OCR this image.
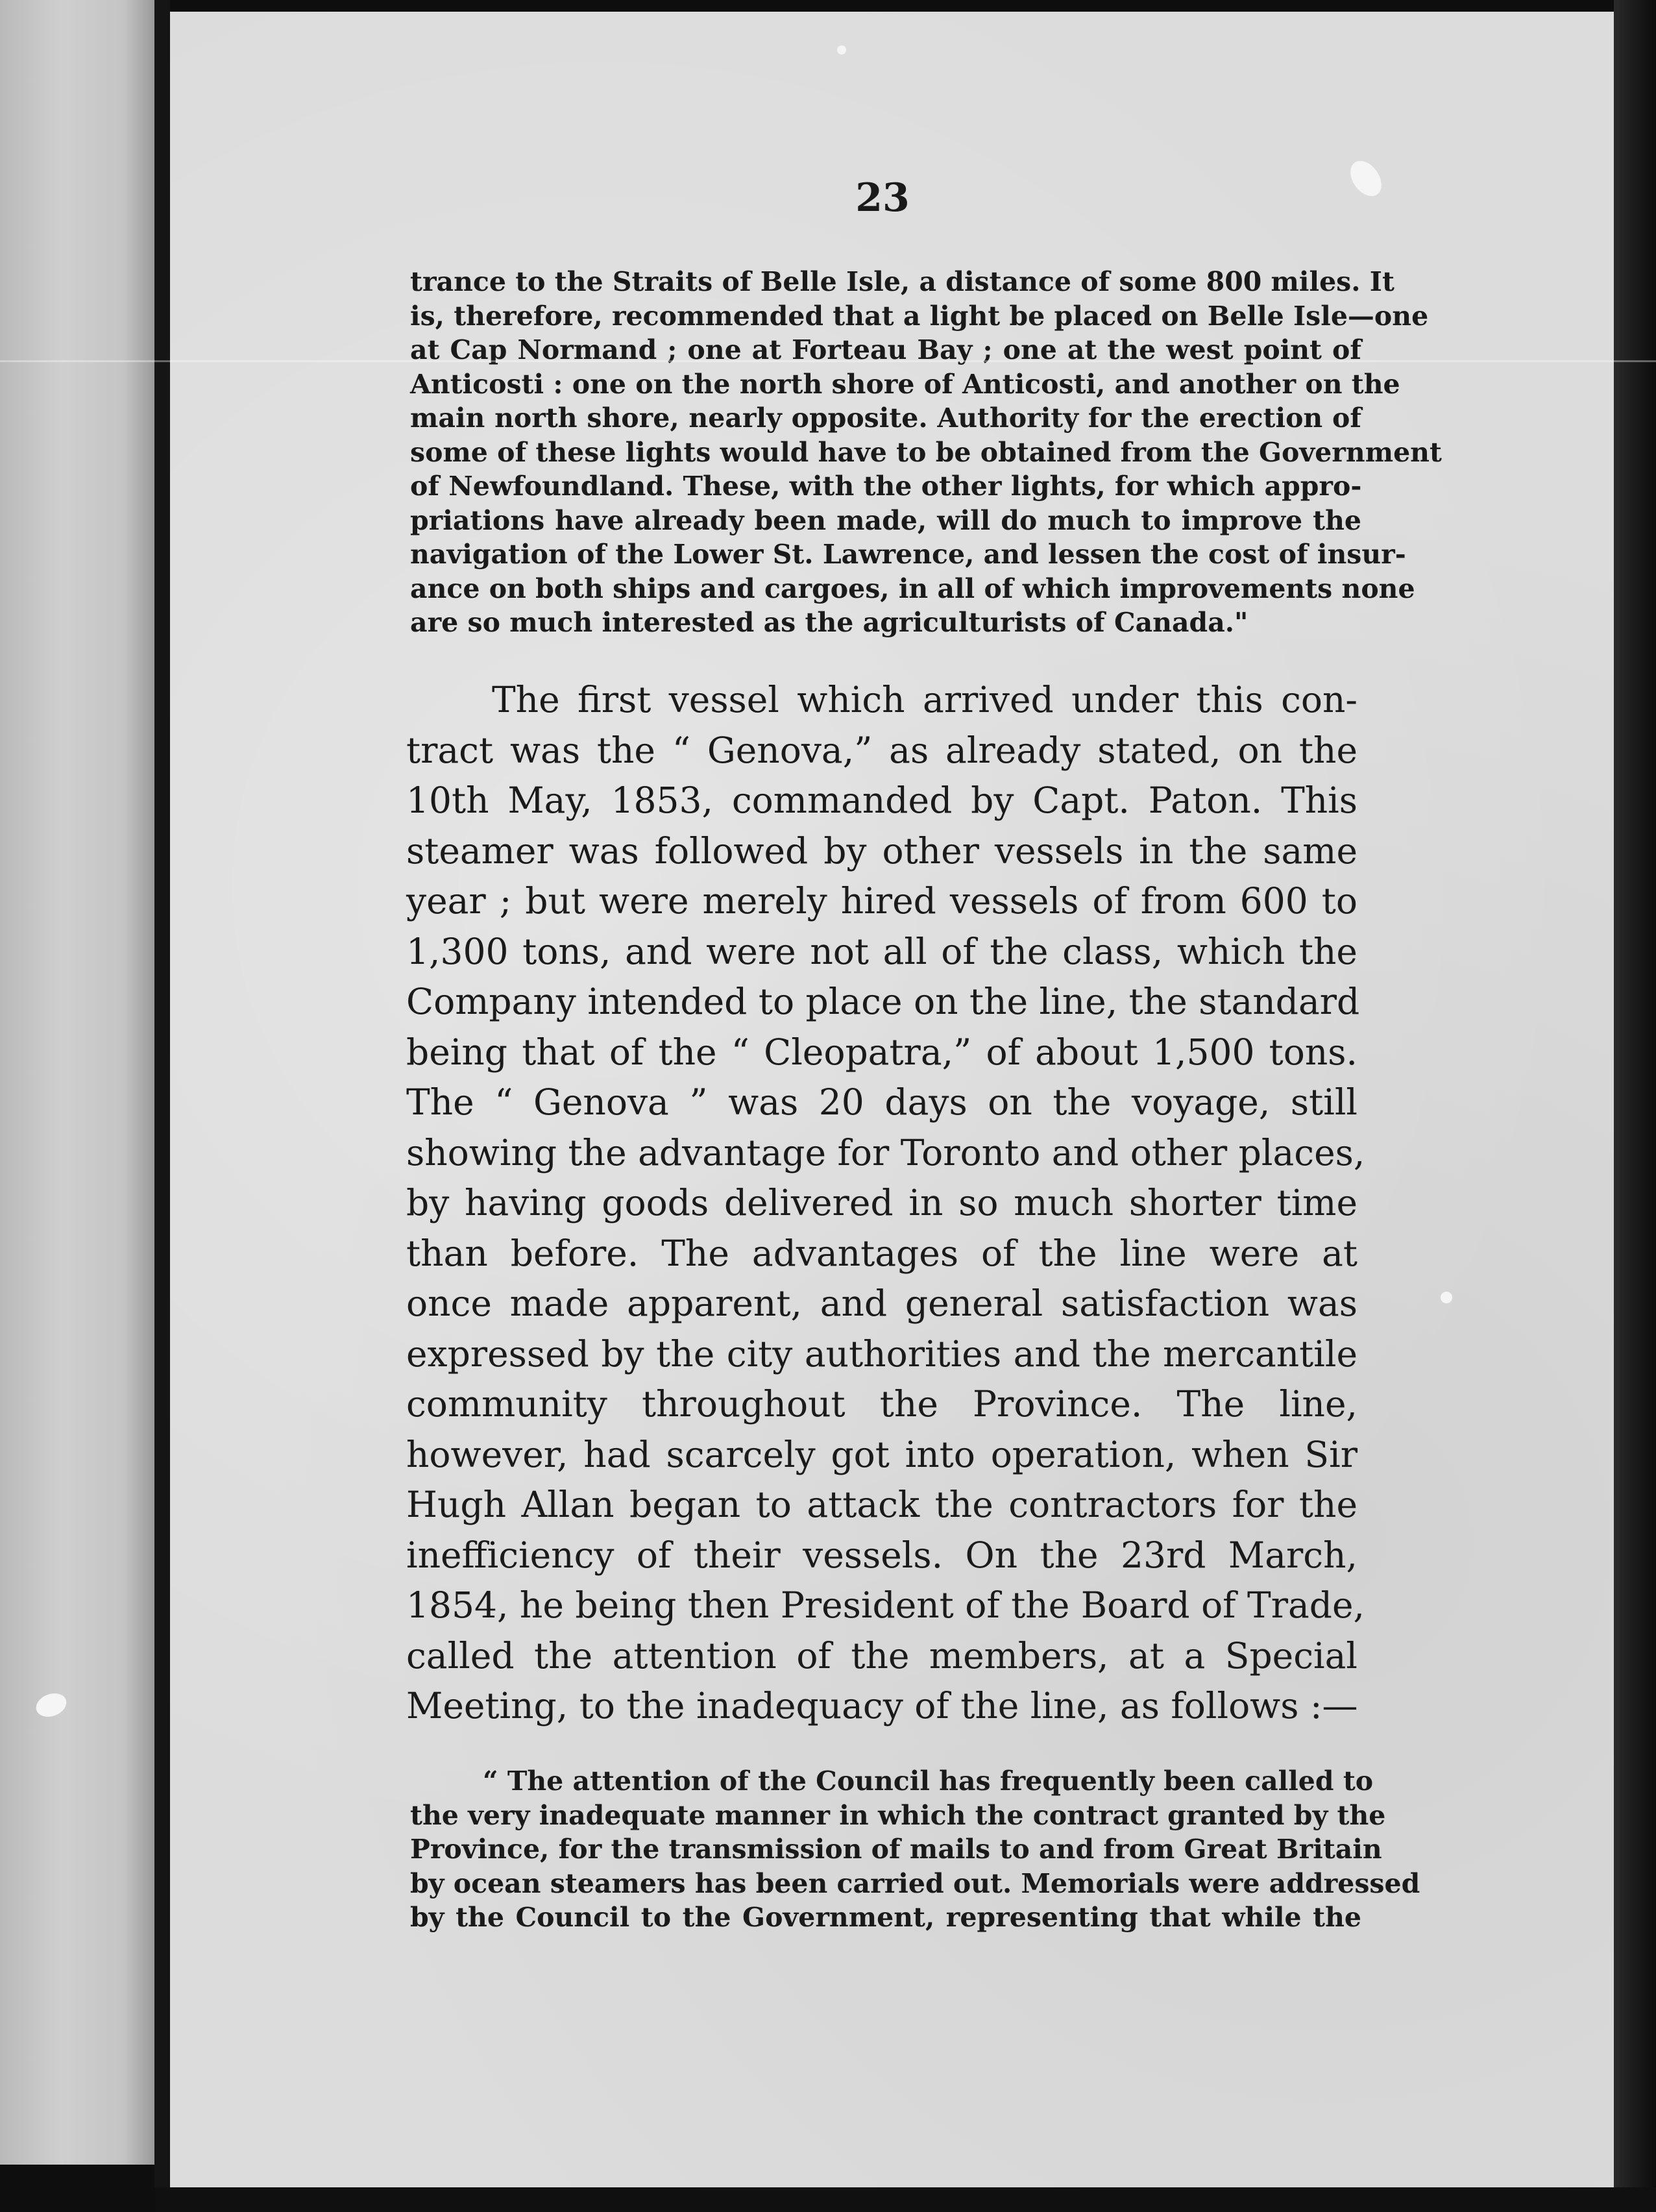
23
trance to the Straits of Belle Isle, a distance of some 800 miles. It
is, therefore, recommended that a light be placed on Belle Isle—one
at Cap Normand ; one at Forteau Bay ; one at the west point of
Anticosti : one on the north shore of Anticosti, and another on the
main north shore, nearly opposite. Authority for the erection of
some of these lights would have to be obtained from the Government
of Newfoundland. These, with the other lights, for which appro-
priations have already been made, will do much to improve the
navigation of the Lower St. Lawrence, and lessen the cost of insur-
ance on both ships and cargoes, in all of which improvements none
are so much interested as the agriculturists of Canada."
The first vessel which arrived under this con-
tract was the “ Genova,” as already stated, on the
10th May, 1853, commanded by Capt. Paton. This
steamer was followed by other vessels in the same
year ; but were merely hired vessels of from 600 to
1,300 tons, and were not all of the class, which the
Company intended to place on the line, the standard
being that of the “ Cleopatra,” of about 1,500 tons.
The “ Genova ” was 20 days on the voyage, still
showing the advantage for Toronto and other places,
by having goods delivered in so much shorter time
than before. The advantages of the line were at
once made apparent, and general satisfaction was
expressed by the city authorities and the mercantile
community throughout the Province. The line,
however, had scarcely got into operation, when Sir
Hugh Allan began to attack the contractors for the
inefficiency of their vessels. On the 23rd March,
1854, he being then President of the Board of Trade,
called the attention of the members, at a Special
Meeting, to the inadequacy of the line, as follows :—
“ The attention of the Council has frequently been called to
the very inadequate manner in which the contract granted by the
Province, for the transmission of mails to and from Great Britain
by ocean steamers has been carried out. Memorials were addressed
by the Council to the Government, representing that while the
